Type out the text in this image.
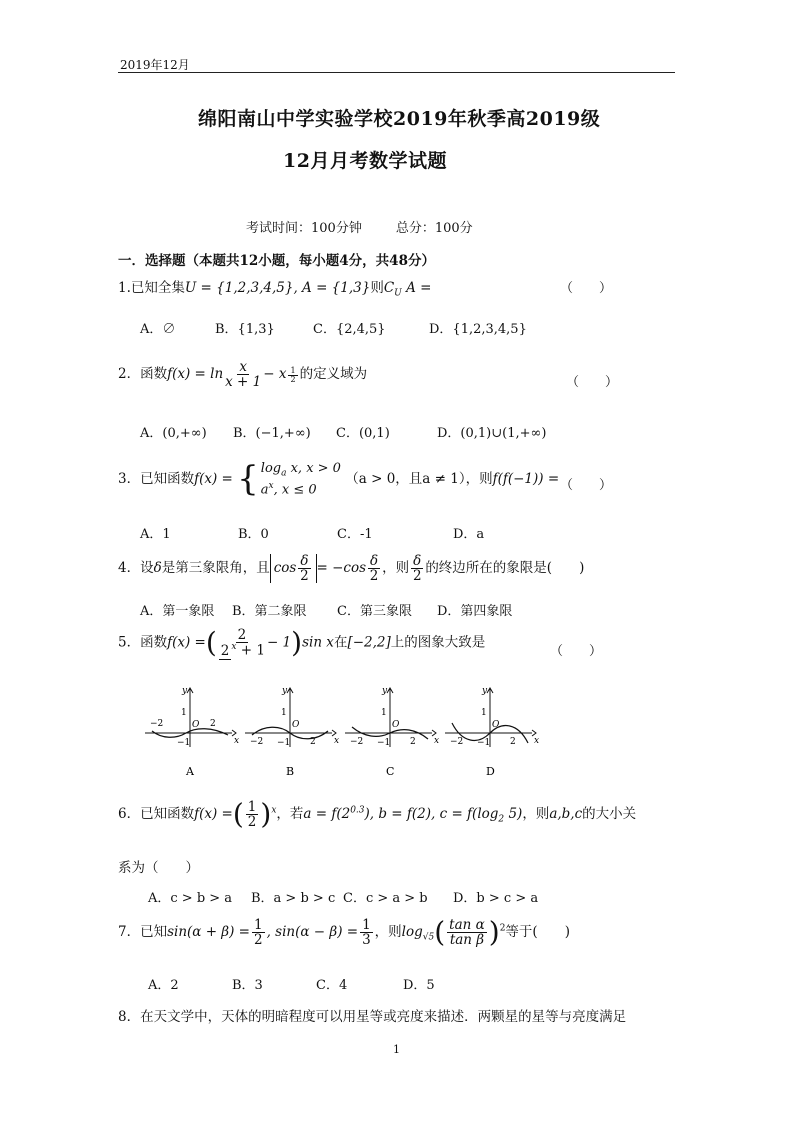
2019年12月
绵阳南山中学实验学校2019年秋季高2019级
12月月考数学试题
考试时间：100分钟	总分：100分
一．选择题（本题共12小题，每小题4分，共48分）
1.已知全集U = {1,2,3,4,5}, A = {1,3}则$C_U$ A =	（　　）
A．∅	B．{1,3}	C．{2,4,5}	D．{1,2,3,4,5}
2．函数$f(x) = \ln \frac{x}{x + 1} - x \frac{1}{2}$ 的定义域为
（　　）
A．(0,+∞) B．(−1,+∞) C．(0,1)	D．(0,1)∪(1,+∞)
3．已知函数f(x) = { $\log_a x$, x > 0
$a^x$, x ≤ 0
（a > 0，且a ≠ 1），则f(f(−1)) = （　　）
A．1	B．0	C．-1	D．a
4．设δ是第三象限角，且 $\cos \frac{\delta}{2} = -\cos \frac{\delta}{2}$ ，则 $\frac{\delta}{2}$ 的终边所在的象限是(　　)
A．第一象限 B．第二象限 C．第三象限 D．第四象限
5．函数f(x) =( $\frac{2}{2 ^x + 1} - 1)\sin$ x在[−2,2]上的图象大致是
（　　）
y
x
1
−1
O 2
−2
A
y
x
1
−1
O
2
−2
B
y
x
1
−1
O
2
−2
C
y
x
1
−1
O
2
−2
D
6．已知函数f(x) =( $\frac{1}{2} )^x$，若$a = f(2^{0.3})$, b = f(2), $c = f(\log_2$ 5)，则a,b,c的大小关
系为（　　）
A．c > b > a B．a > b > c C．c > a > b D．b > c > a
7．已知$\sin(\alpha + \beta) = \frac{1}{2}$ , $\sin(\alpha - \beta) = \frac{1}{3}$ ，则$\log_{√5}( \frac{\text{tan α}}{\text{tan β}} )^2$等于(　　)
A．2	B．3	C．4	D．5
8．在天文学中，天体的明暗程度可以用星等或亮度来描述．两颗星的星等与亮度满足
1
